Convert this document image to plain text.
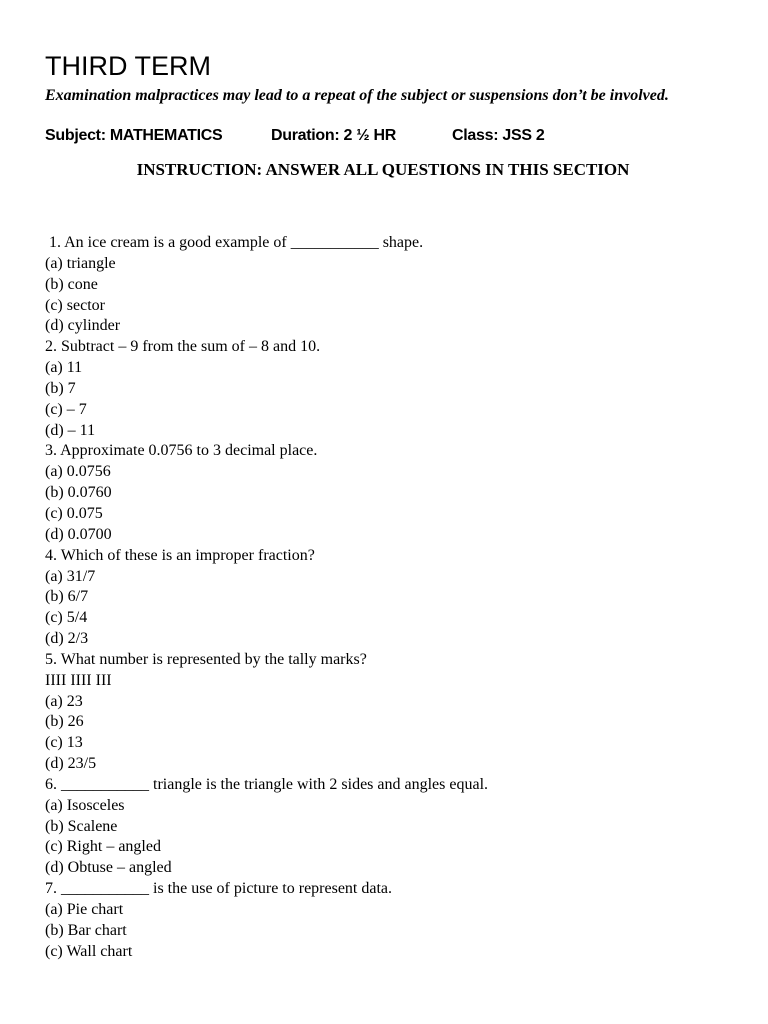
THIRD TERM
Examination malpractices may lead to a repeat of the subject or suspensions don’t be involved.
Subject: MATHEMATICS	Duration: 2 ½ HR	Class: JSS 2
INSTRUCTION: ANSWER ALL QUESTIONS IN THIS SECTION
1. An ice cream is a good example of ___________ shape.
(a) triangle
(b) cone
(c) sector
(d) cylinder
2. Subtract – 9 from the sum of – 8 and 10.
(a) 11
(b) 7
(c) – 7
(d) – 11
3. Approximate 0.0756 to 3 decimal place.
(a) 0.0756
(b) 0.0760
(c) 0.075
(d) 0.0700
4. Which of these is an improper fraction?
(a) 31/7
(b) 6/7
(c) 5/4
(d) 2/3
5. What number is represented by the tally marks?
IIII IIII III
(a) 23
(b) 26
(c) 13
(d) 23/5
6. ___________ triangle is the triangle with 2 sides and angles equal.
(a) Isosceles
(b) Scalene
(c) Right – angled
(d) Obtuse – angled
7. ___________ is the use of picture to represent data.
(a) Pie chart
(b) Bar chart
(c) Wall chart
